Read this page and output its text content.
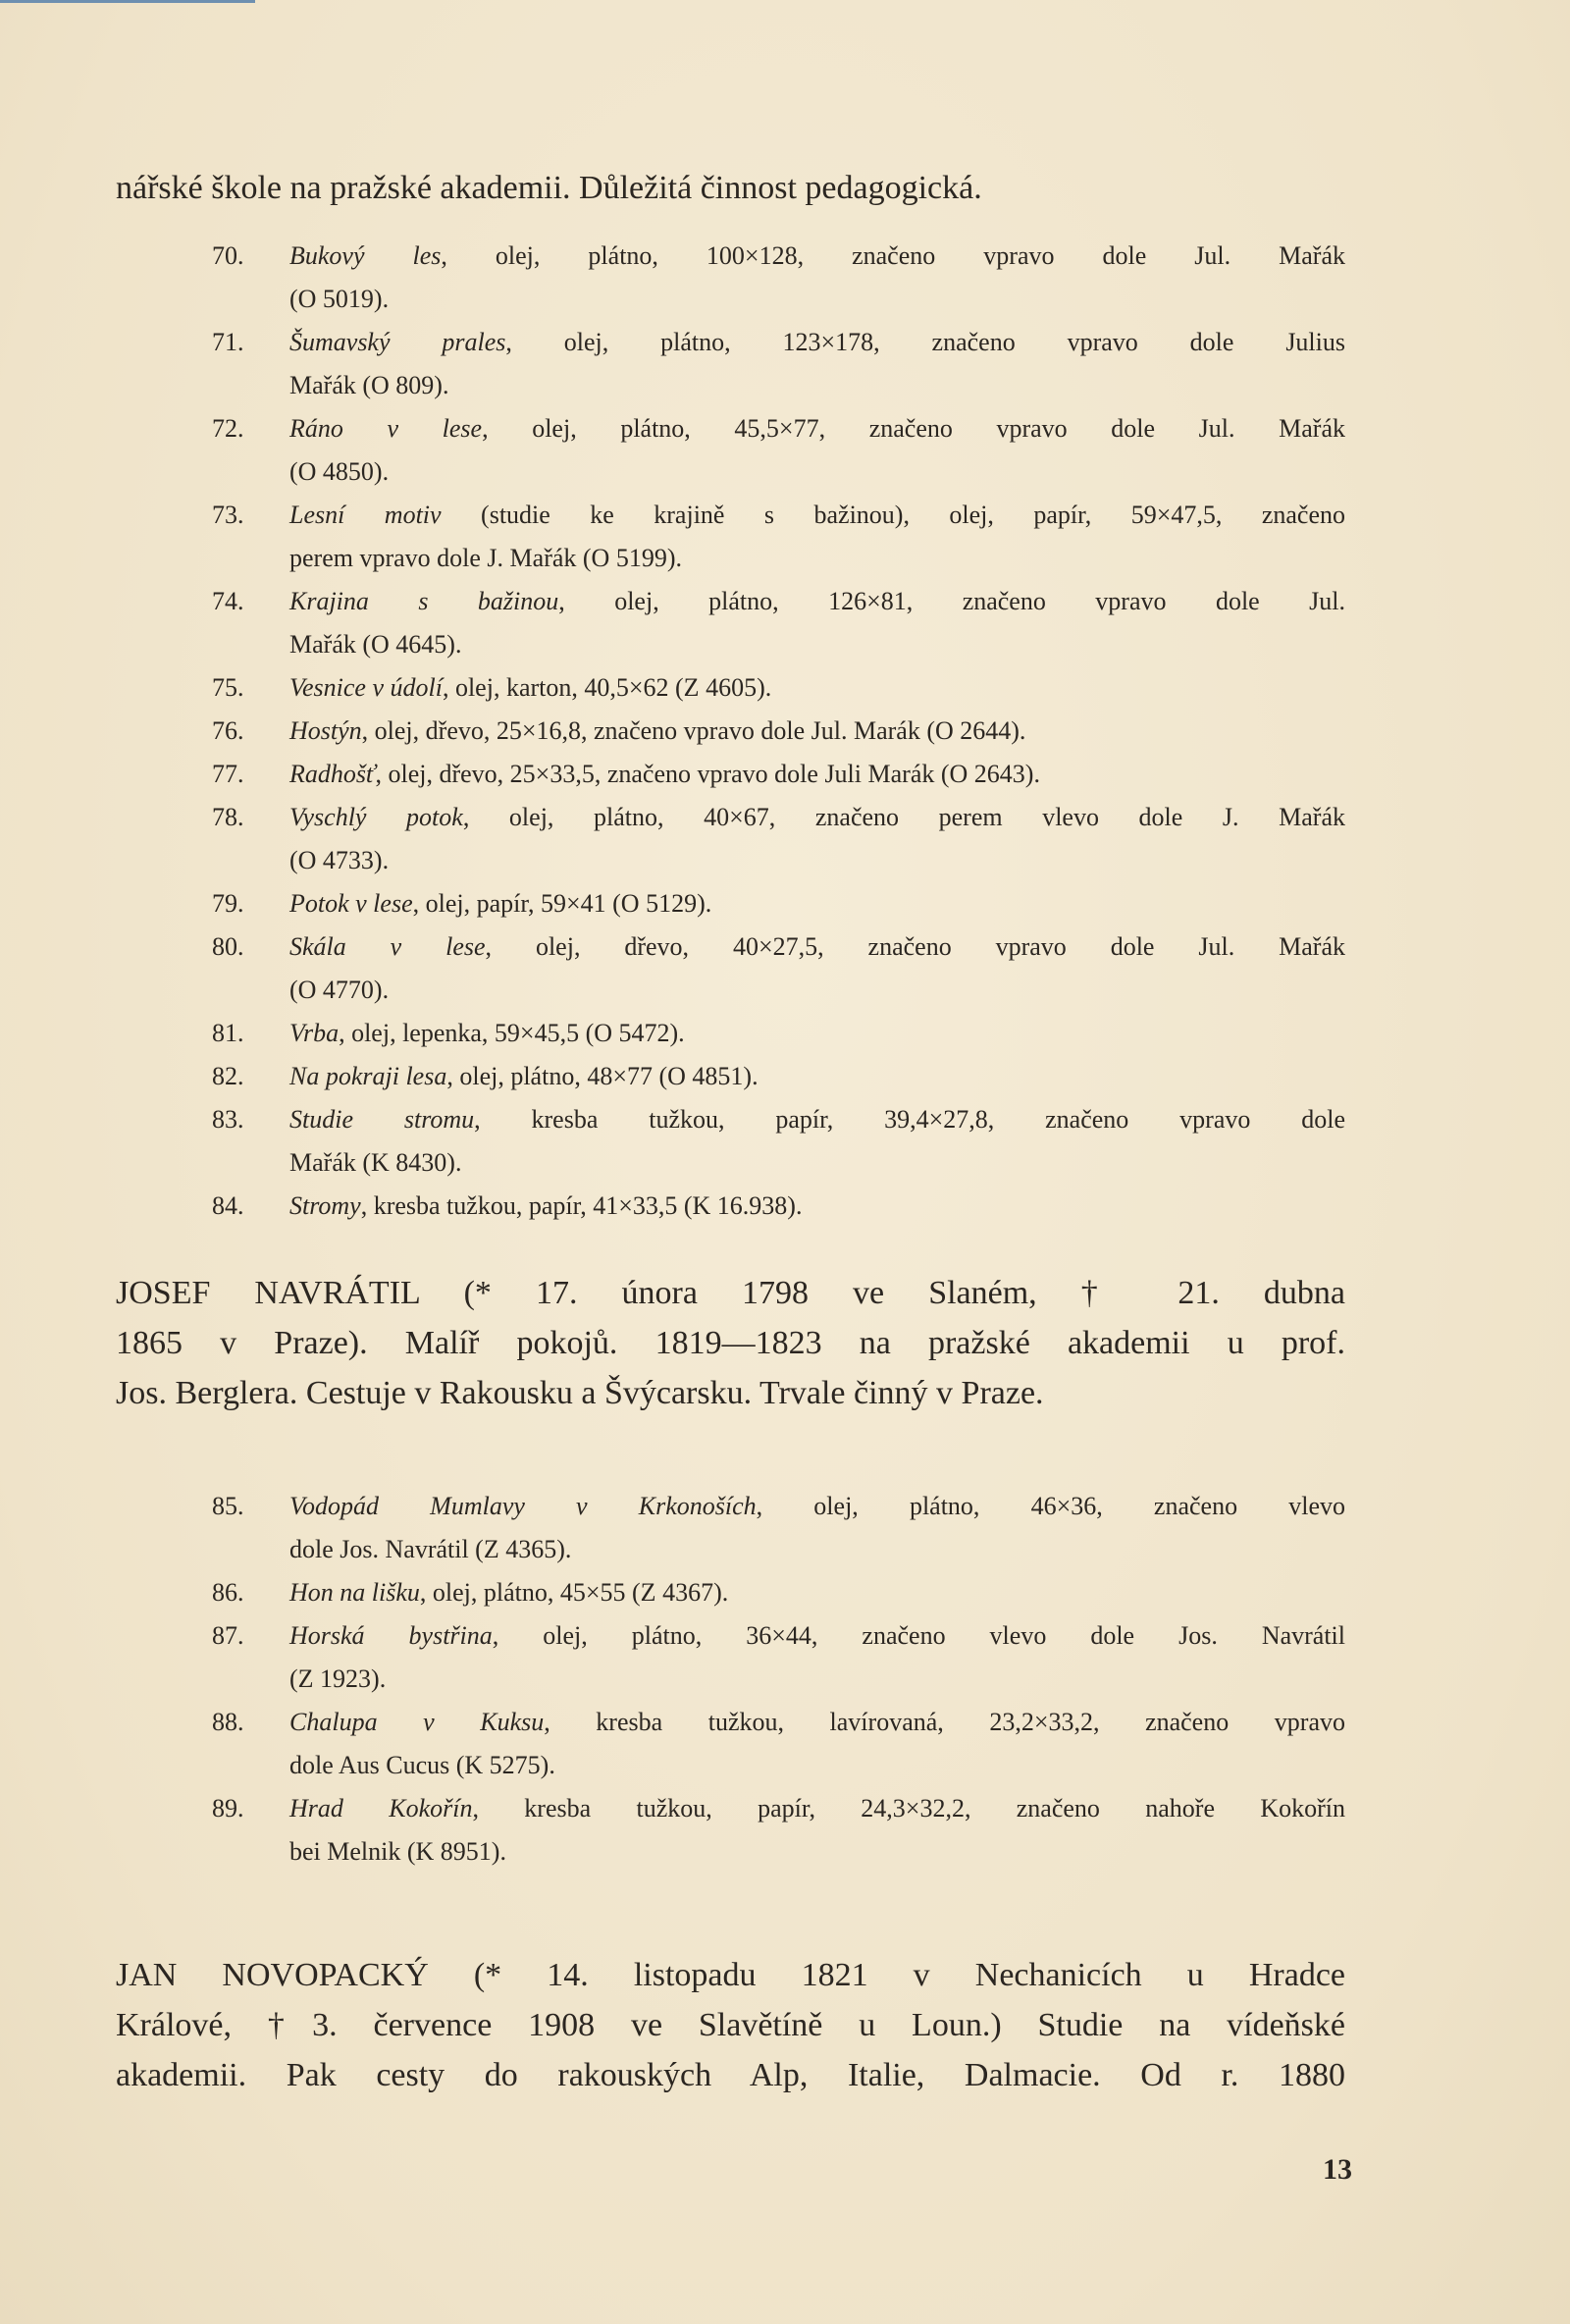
nářské škole na pražské akademii. Důležitá činnost pedagogická.
70. Bukový les, olej, plátno, 100×128, značeno vpravo dole Jul. Mařák
(O 5019).
71. Šumavský prales, olej, plátno, 123×178, značeno vpravo dole Julius
Mařák (O 809).
72. Ráno v lese, olej, plátno, 45,5×77, značeno vpravo dole Jul. Mařák
(O 4850).
73. Lesní motiv (studie ke krajině s bažinou), olej, papír, 59×47,5, značeno
perem vpravo dole J. Mařák (O 5199).
74. Krajina s bažinou, olej, plátno, 126×81, značeno vpravo dole Jul.
Mařák (O 4645).
75. Vesnice v údolí, olej, karton, 40,5×62 (Z 4605).
76. Hostýn, olej, dřevo, 25×16,8, značeno vpravo dole Jul. Marák (O 2644).
77. Radhošť, olej, dřevo, 25×33,5, značeno vpravo dole Juli Marák (O 2643).
78. Vyschlý potok, olej, plátno, 40×67, značeno perem vlevo dole J. Mařák
(O 4733).
79. Potok v lese, olej, papír, 59×41 (O 5129).
80. Skála v lese, olej, dřevo, 40×27,5, značeno vpravo dole Jul. Mařák
(O 4770).
81. Vrba, olej, lepenka, 59×45,5 (O 5472).
82. Na pokraji lesa, olej, plátno, 48×77 (O 4851).
83. Studie stromu, kresba tužkou, papír, 39,4×27,8, značeno vpravo dole
Mařák (K 8430).
84. Stromy, kresba tužkou, papír, 41×33,5 (K 16.938).
JOSEF NAVRÁTIL (* 17. února 1798 ve Slaném, † 21. dubna
1865 v Praze). Malíř pokojů. 1819—1823 na pražské akademii u prof.
Jos. Berglera. Cestuje v Rakousku a Švýcarsku. Trvale činný v Praze.
85. Vodopád Mumlavy v Krkonoších, olej, plátno, 46×36, značeno vlevo
dole Jos. Navrátil (Z 4365).
86. Hon na lišku, olej, plátno, 45×55 (Z 4367).
87. Horská bystřina, olej, plátno, 36×44, značeno vlevo dole Jos. Navrátil
(Z 1923).
88. Chalupa v Kuksu, kresba tužkou, lavírovaná, 23,2×33,2, značeno vpravo
dole Aus Cucus (K 5275).
89. Hrad Kokořín, kresba tužkou, papír, 24,3×32,2, značeno nahoře Kokořín
bei Melnik (K 8951).
JAN NOVOPACKÝ (* 14. listopadu 1821 v Nechanicích u Hradce
Králové, †3. července 1908 ve Slavětíně u Loun.) Studie na vídeňské
akademii. Pak cesty do rakouských Alp, Italie, Dalmacie. Od r. 1880
13
